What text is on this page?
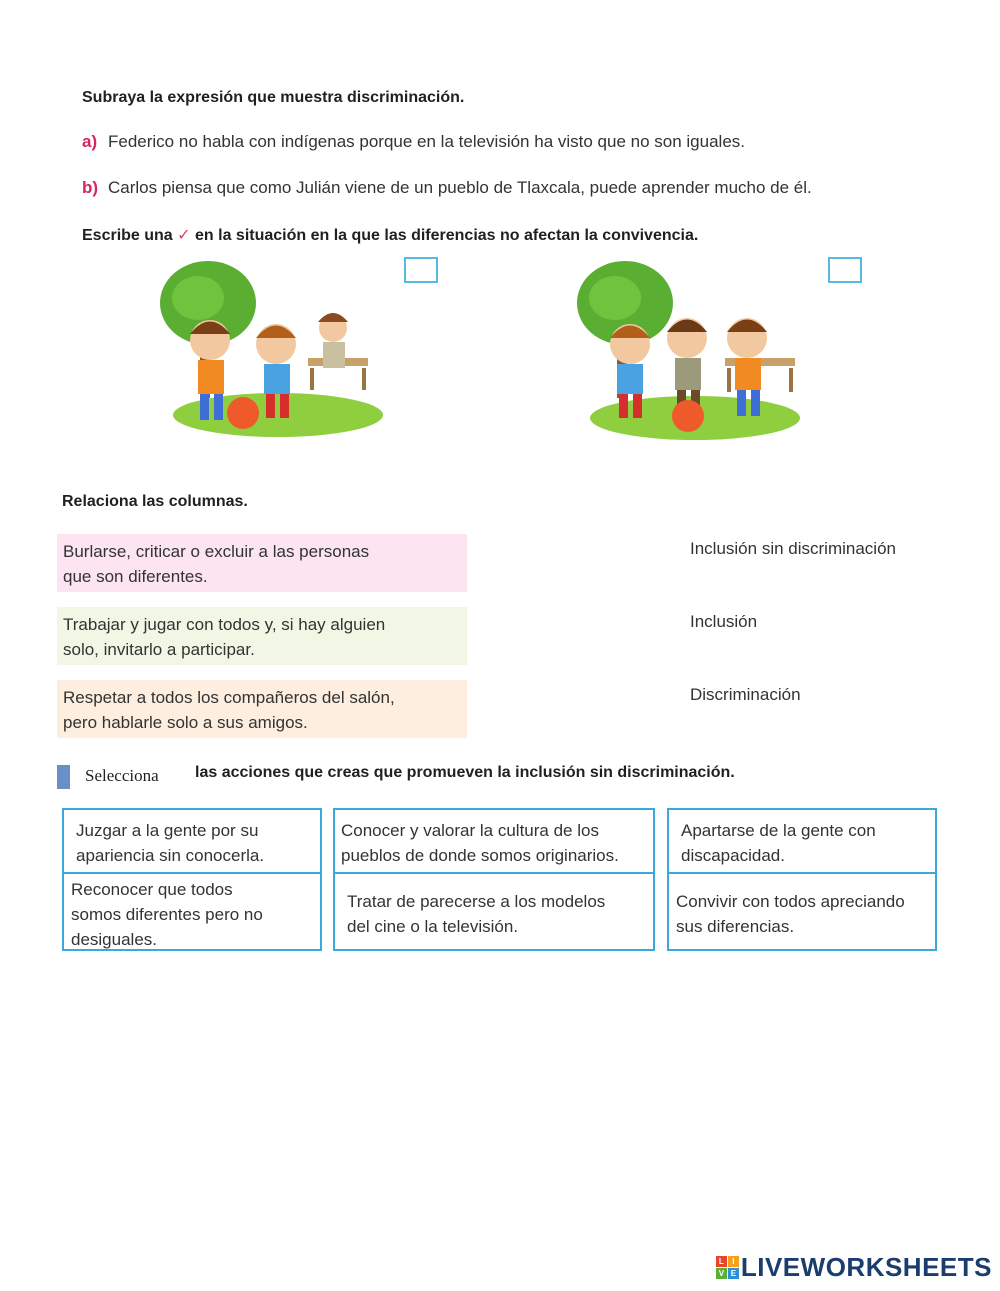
Subraya la expresión que muestra discriminación.
a) Federico no habla con indígenas porque en la televisión ha visto que no son iguales.
b) Carlos piensa que como Julián viene de un pueblo de Tlaxcala, puede aprender mucho de él.
Escribe una ✓ en la situación en la que las diferencias no afectan la convivencia.
Relaciona las columnas.
Burlarse, criticar o excluir a las personas
que son diferentes.
Trabajar y jugar con todos y, si hay alguien
solo, invitarlo a participar.
Respetar a todos los compañeros del salón,
pero hablarle solo a sus amigos.
Inclusión sin discriminación
Inclusión
Discriminación
Selecciona las acciones que creas que promueven la inclusión sin discriminación.
Juzgar a la gente por su
apariencia sin conocerla.
Conocer y valorar la cultura de los
pueblos de donde somos originarios.
Apartarse de la gente con
discapacidad.
Reconocer que todos
somos diferentes pero no
desiguales.
Tratar de parecerse a los modelos
del cine o la televisión.
Convivir con todos apreciando
sus diferencias.
L	I
V E LIVEWORKSHEETS
